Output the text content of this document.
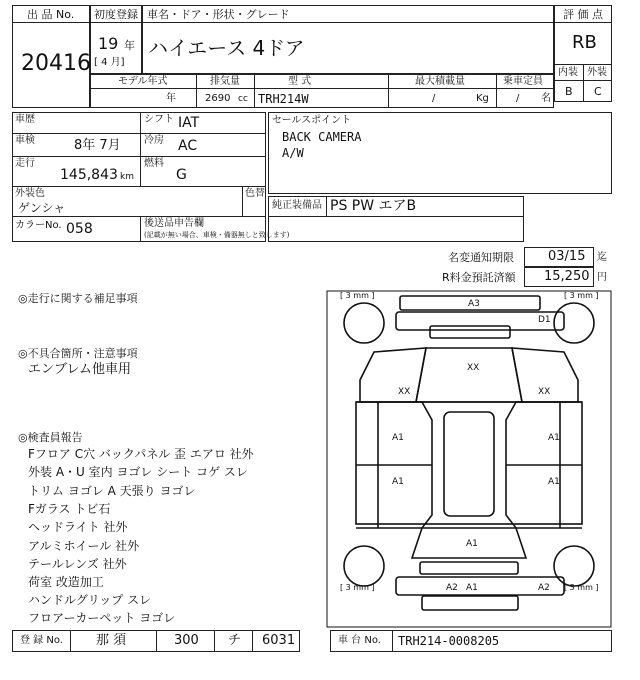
出 品 No.
20416
初度登録
19 年
[ 4 月]
車名・ドア・形状・グレード
ハイエース 4ドア
評 価 点
RB
内装 外装
B C
モデル年式
年
排気量
2690 cc
型 式
TRH214W
最大積載量
/	Kg
乗車定員
/ 名
車歴	シフト IAT
車検	8年 7月 冷房 AC
走行
145,843 km
燃料
G
外装色
ゲンシャ
色替
カラーNo. 058	後送品申告欄
(記載が無い場合、車検・備器無しと致します)
セールスポイント
BACK CAMERA
A/W
純正装備品 PS PW エアB
名変通知期限	03/15 迄
R料金預託済額 15,250 円
◎走行に関する補足事項
◎不具合箇所・注意事項
エンブレム他車用
◎検査員報告
Fフロア C穴 バックパネル 歪 エアロ 社外
外装 A・U 室内 ヨゴレ シート コゲ スレ
トリム ヨゴレ A 天張り ヨゴレ
Fガラス トビ石
ヘッドライト 社外
アルミホイール 社外
テールレンズ 社外
荷室 改造加工
ハンドルグリップ スレ
フロアーカーペット ヨゴレ
[ 3 mm ]	[ 3 mm ]
[ 3 mm ]	[ 3 mm ]
A3
D1
XX
XX	XX
A1
A1
A1
A1
A1
A1
A2	A2
登 録 No.	那 須	300 チ 6031	車 台 No. TRH214-0008205
